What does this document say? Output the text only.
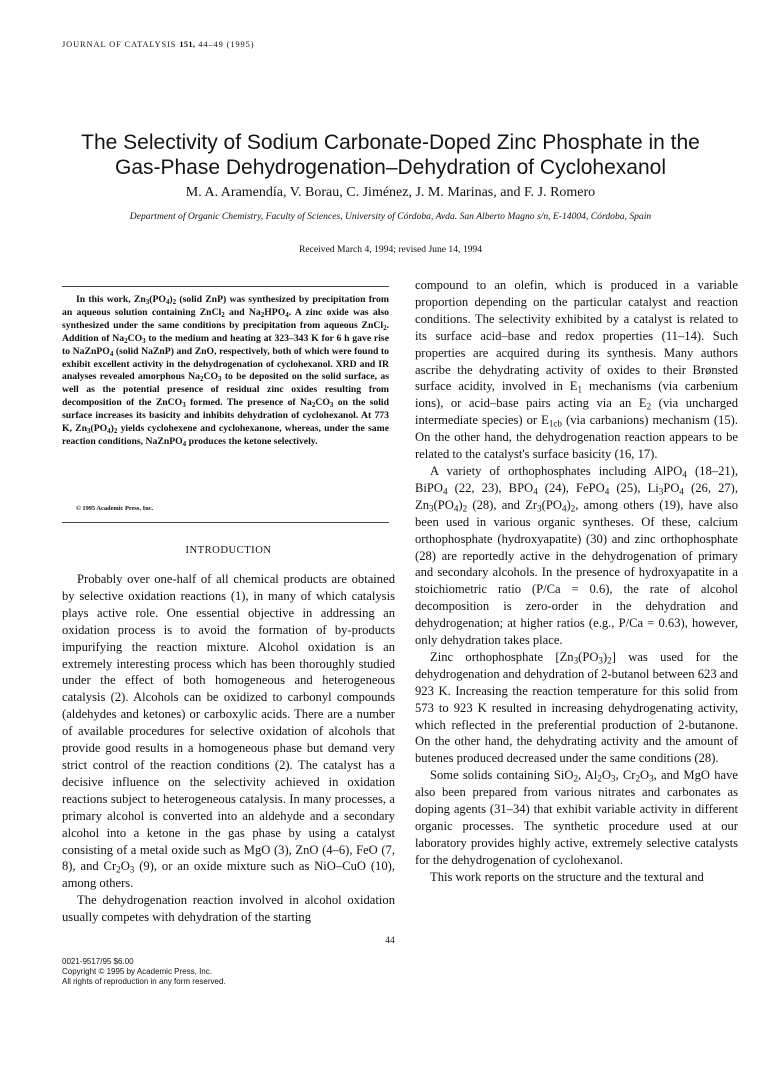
JOURNAL OF CATALYSIS 151, 44–49 (1995)
The Selectivity of Sodium Carbonate-Doped Zinc Phosphate in the
Gas-Phase Dehydrogenation–Dehydration of Cyclohexanol
M. A. Aramendía, V. Borau, C. Jiménez, J. M. Marinas, and F. J. Romero
Department of Organic Chemistry, Faculty of Sciences, University of Córdoba, Avda. San Alberto Magno s/n, E-14004, Córdoba, Spain
Received March 4, 1994; revised June 14, 1994
In this work, $Zn_3(PO_4)_2$ (solid ZnP) was synthesized by precipitation from an aqueous solution containing ZnCl$_2$ and $Na_2HPO_4$. A zinc oxide was also synthesized under the same conditions by precipitation from aqueous ZnCl$_2$. Addition of $Na_2CO_3$ to the medium and heating at 323–343 K for 6 h gave rise to NaZnPO$_4$ (solid NaZnP) and ZnO, respectively, both of which were found to exhibit excellent activity in the dehydrogenation of cyclohexanol. XRD and IR analyses revealed amorphous $Na_2CO_3$ to be deposited on the solid surface, as well as the potential presence of residual zinc oxides resulting from decomposition of the ZnCO$_3$ formed. The presence of $Na_2CO_3$ on the solid surface increases its basicity and inhibits dehydration of cyclohexanol. At 773 K, $Zn_3(PO_4)_2$ yields cyclohexene and cyclohexanone, whereas, under the same reaction conditions, NaZnPO$_4$ produces the ketone selectively.
© 1995 Academic Press, Inc.
INTRODUCTION

Probably over one-half of all chemical products are obtained by selective oxidation reactions (1), in many of which catalysis plays active role. One essential objective in addressing an oxidation process is to avoid the formation of by-products impurifying the reaction mixture. Alcohol oxidation is an extremely interesting process which has been thoroughly studied under the effect of both homogeneous and heterogeneous catalysis (2). Alcohols can be oxidized to carbonyl compounds (aldehydes and ketones) or carboxylic acids. There are a number of available procedures for selective oxidation of alcohols that provide good results in a homogeneous phase but demand very strict control of the reaction conditions (2). The catalyst has a decisive influence on the selectivity achieved in oxidation reactions subject to heterogeneous catalysis. In many processes, a primary alcohol is converted into an aldehyde and a secondary alcohol into a ketone in the gas phase by using a catalyst consisting of a metal oxide such as MgO (3), ZnO (4–6), FeO (7, 8), and $Cr_2O_3$ (9), or an oxide mixture such as NiO–CuO (10), among others.

The dehydrogenation reaction involved in alcohol oxidation usually competes with dehydration of the starting

compound to an olefin, which is produced in a variable proportion depending on the particular catalyst and reaction conditions. The selectivity exhibited by a catalyst is related to its surface acid–base and redox properties (11–14). Such properties are acquired during its synthesis. Many authors ascribe the dehydrating activity of oxides to their Brønsted surface acidity, involved in $E_1$ mechanisms (via carbenium ions), or acid–base pairs acting via an $E_2$ (via uncharged intermediate species) or $E_{1cb}$ (via carbanions) mechanism (15). On the other hand, the dehydrogenation reaction appears to be related to the catalyst's surface basicity (16, 17).

A variety of orthophosphates including AlPO$_4$ (18–21), BiPO$_4$ (22, 23), $BPO_4$ (24), FePO$_4$ (25), $Li_3PO_4$ (26, 27), $Zn_3(PO_4)_2$ (28), and $Zr_3(PO_4)_2$, among others (19), have also been used in various organic syntheses. Of these, calcium orthophosphate (hydroxyapatite) (30) and zinc orthophosphate (28) are reportedly active in the dehydrogenation of primary and secondary alcohols. In the presence of hydroxyapatite in a stoichiometric ratio (P/Ca = 0.6), the rate of alcohol decomposition is zero-order in the dehydration and dehydrogenation; at higher ratios (e.g., P/Ca = 0.63), however, only dehydration takes place.

Zinc orthophosphate $[Zn_3(PO_3)_2]$ was used for the dehydrogenation and dehydration of 2-butanol between 623 and 923 K. Increasing the reaction temperature for this solid from 573 to 923 K resulted in increasing dehydrogenating activity, which reflected in the preferential production of 2-butanone. On the other hand, the dehydrating activity and the amount of butenes produced decreased under the same conditions (28).

Some solids containing SiO$_2$, $Al_2O_3$, $Cr_2O_3$, and MgO have also been prepared from various nitrates and carbonates as doping agents (31–34) that exhibit variable activity in different organic processes. The synthetic procedure used at our laboratory provides highly active, extremely selective catalysts for the dehydrogenation of cyclohexanol.

This work reports on the structure and the textural and

44
0021-9517/95 $6.00
Copyright © 1995 by Academic Press, Inc.
All rights of reproduction in any form reserved.
